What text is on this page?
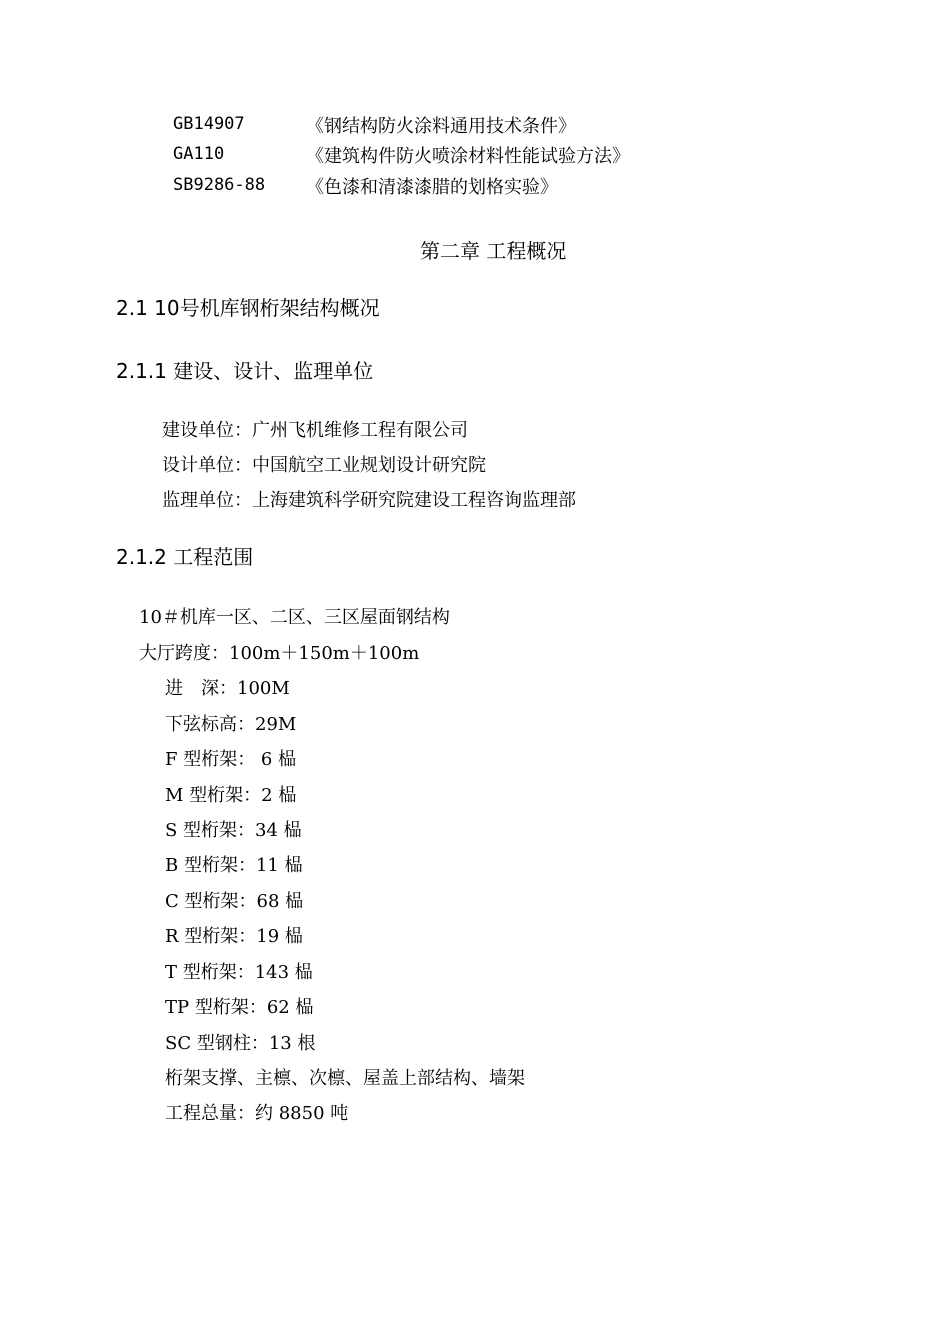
GB14907	《钢结构防火涂料通用技术条件》
GA110	《建筑构件防火喷涂材料性能试验方法》
SB9286-88 《色漆和清漆漆腊的划格实验》
第二章 工程概况
2.1 10号机库钢桁架结构概况
2.1.1 建设、设计、监理单位
建设单位：广州飞机维修工程有限公司
设计单位：中国航空工业规划设计研究院
监理单位：上海建筑科学研究院建设工程咨询监理部
2.1.2 工程范围
10＃机库一区、二区、三区屋面钢结构
大厅跨度：100m＋150m＋100m
进　深：100M
下弦标高：29M
F 型桁架： 6 榀
M 型桁架：2 榀
S 型桁架：34 榀
B 型桁架：11 榀
C 型桁架：68 榀
R 型桁架：19 榀
T 型桁架：143 榀
TP 型桁架：62 榀
SC 型钢柱：13 根
桁架支撑、主檩、次檩、屋盖上部结构、墙架
工程总量：约 8850 吨
